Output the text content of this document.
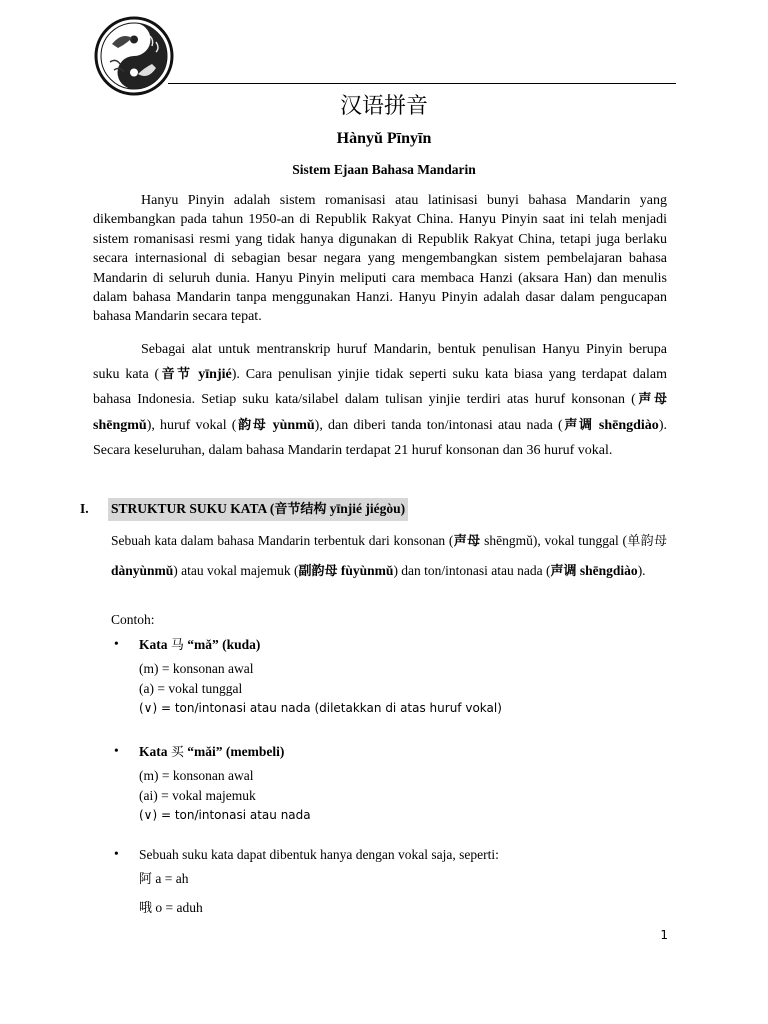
汉语拼音
Hànyǔ Pīnyīn
Sistem Ejaan Bahasa Mandarin
Hanyu Pinyin adalah sistem romanisasi atau latinisasi bunyi bahasa Mandarin yang dikembangkan pada tahun 1950-an di Republik Rakyat China. Hanyu Pinyin saat ini telah menjadi sistem romanisasi resmi yang tidak hanya digunakan di Republik Rakyat China, tetapi juga berlaku secara internasional di sebagian besar negara yang mengembangkan sistem pembelajaran bahasa Mandarin di seluruh dunia. Hanyu Pinyin meliputi cara membaca Hanzi (aksara Han) dan menulis dalam bahasa Mandarin tanpa menggunakan Hanzi. Hanyu Pinyin adalah dasar dalam pengucapan bahasa Mandarin secara tepat.
Sebagai alat untuk mentranskrip huruf Mandarin, bentuk penulisan Hanyu Pinyin berupa suku kata (音节 yīnjié). Cara penulisan yinjie tidak seperti suku kata biasa yang terdapat dalam bahasa Indonesia. Setiap suku kata/silabel dalam tulisan yinjie terdiri atas huruf konsonan (声母 shēngmǔ), huruf vokal (韵母 yùnmǔ), dan diberi tanda ton/intonasi atau nada (声调 shēngdiào). Secara keseluruhan, dalam bahasa Mandarin terdapat 21 huruf konsonan dan 36 huruf vokal.
I. STRUKTUR SUKU KATA (音节结构 yīnjié jiégòu)
Sebuah kata dalam bahasa Mandarin terbentuk dari konsonan (声母 shēngmǔ), vokal tunggal (单韵母 dànyùnmǔ) atau vokal majemuk (副韵母 fùyùnmǔ) dan ton/intonasi atau nada (声调 shēngdiào).
Contoh:
• Kata 马 “mǎ” (kuda)
(m) = konsonan awal
(a) = vokal tunggal
(∨) = ton/intonasi atau nada (diletakkan di atas huruf vokal)
• Kata 买 “mǎi” (membeli)
(m) = konsonan awal
(ai) = vokal majemuk
(∨) = ton/intonasi atau nada
• Sebuah suku kata dapat dibentuk hanya dengan vokal saja, seperti:
阿 a = ah
哦 o = aduh
1
